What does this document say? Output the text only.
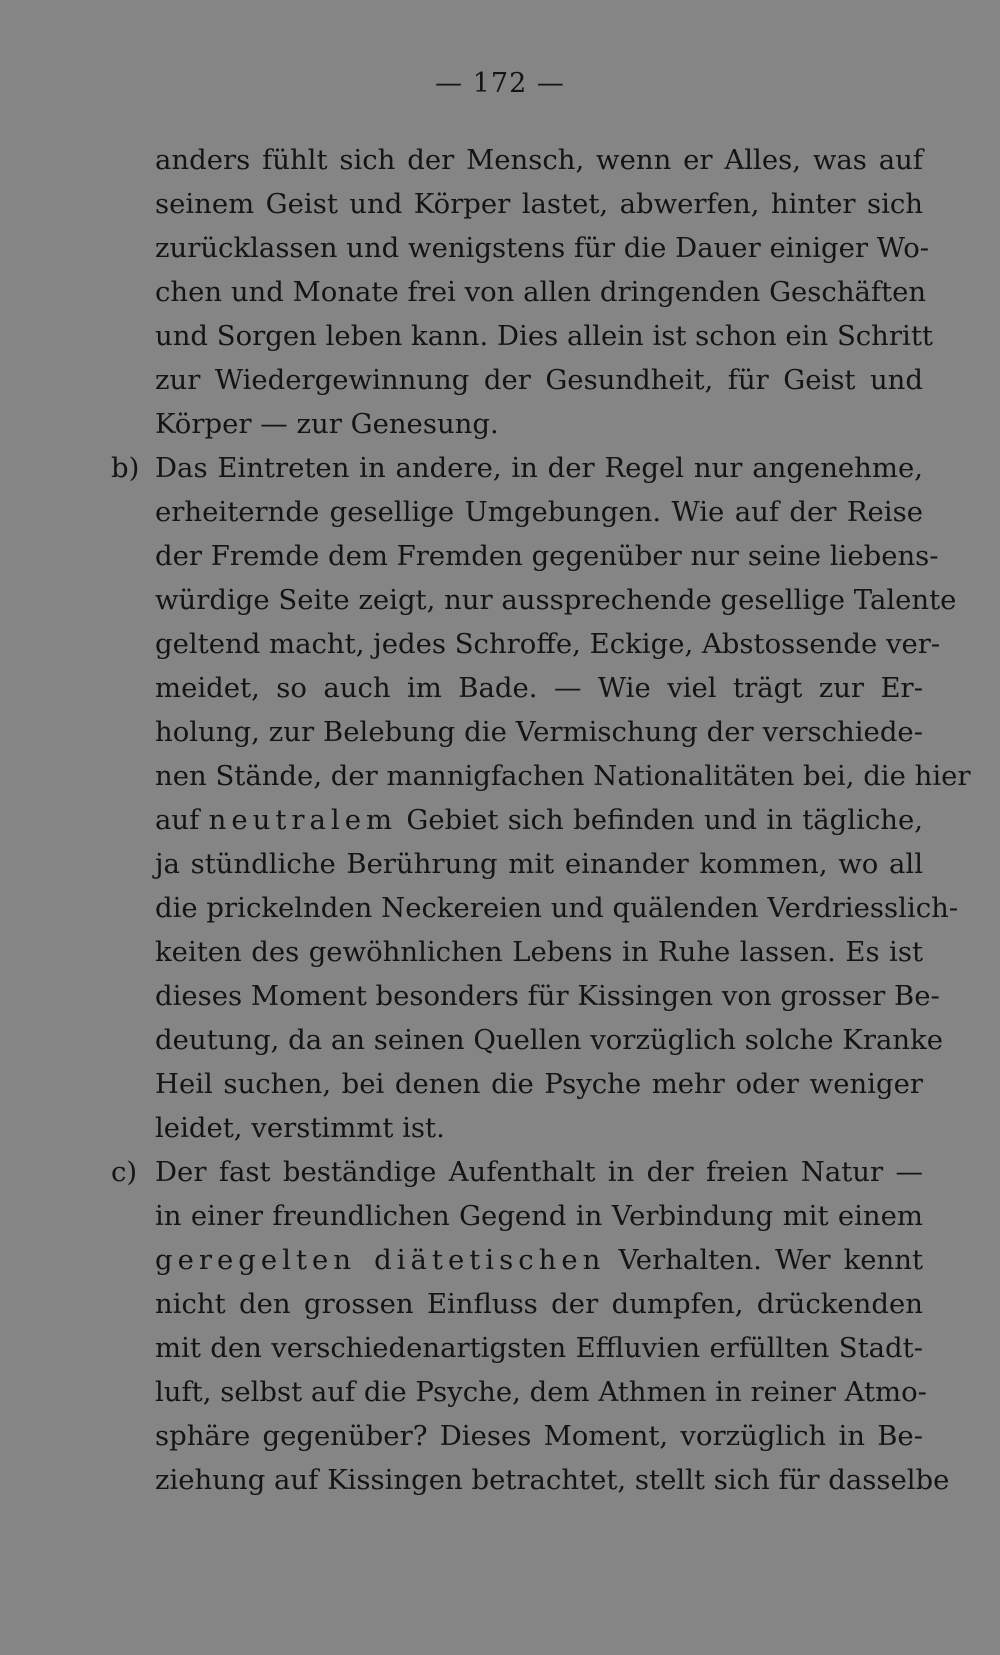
— 172 —
anders fühlt sich der Mensch, wenn er Alles, was auf
seinem Geist und Körper lastet, abwerfen, hinter sich
zurücklassen und wenigstens für die Dauer einiger Wo-
chen und Monate frei von allen dringenden Geschäften
und Sorgen leben kann. Dies allein ist schon ein Schritt
zur Wiedergewinnung der Gesundheit, für Geist und
Körper — zur Genesung.
b) Das Eintreten in andere, in der Regel nur angenehme,
erheiternde gesellige Umgebungen. Wie auf der Reise
der Fremde dem Fremden gegenüber nur seine liebens-
würdige Seite zeigt, nur aussprechende gesellige Talente
geltend macht, jedes Schroffe, Eckige, Abstossende ver-
meidet, so auch im Bade. — Wie viel trägt zur Er-
holung, zur Belebung die Vermischung der verschiede-
nen Stände, der mannigfachen Nationalitäten bei, die hier
auf neutralem Gebiet sich befinden und in tägliche,
ja stündliche Berührung mit einander kommen, wo all
die prickelnden Neckereien und quälenden Verdriesslich-
keiten des gewöhnlichen Lebens in Ruhe lassen. Es ist
dieses Moment besonders für Kissingen von grosser Be-
deutung, da an seinen Quellen vorzüglich solche Kranke
Heil suchen, bei denen die Psyche mehr oder weniger
leidet, verstimmt ist.
c) Der fast beständige Aufenthalt in der freien Natur —
in einer freundlichen Gegend in Verbindung mit einem
geregelten diätetischen Verhalten. Wer kennt
nicht den grossen Einfluss der dumpfen, drückenden
mit den verschiedenartigsten Effluvien erfüllten Stadt-
luft, selbst auf die Psyche, dem Athmen in reiner Atmo-
sphäre gegenüber? Dieses Moment, vorzüglich in Be-
ziehung auf Kissingen betrachtet, stellt sich für dasselbe
